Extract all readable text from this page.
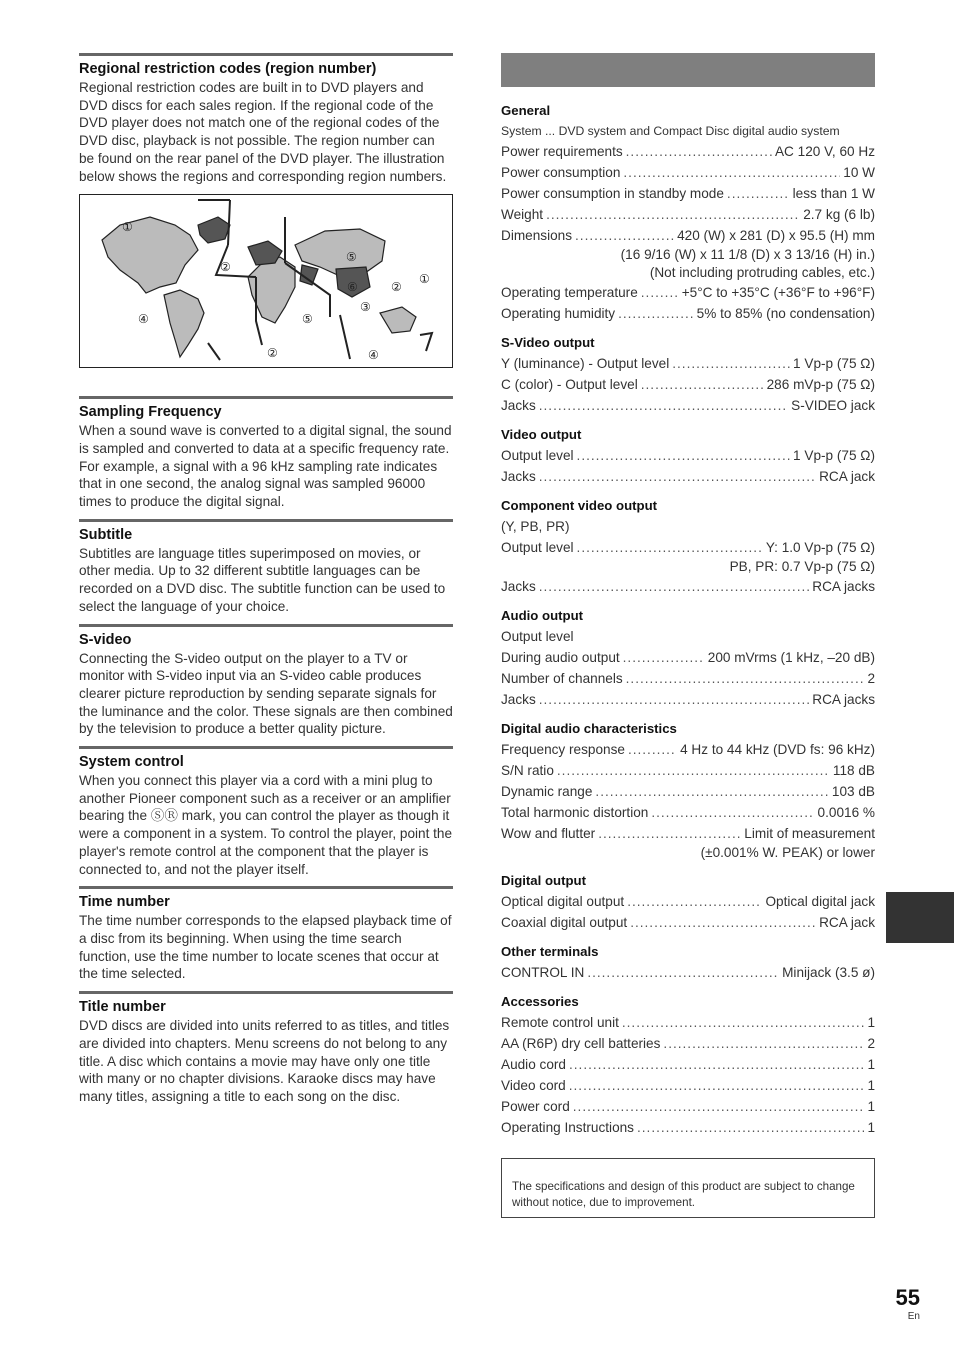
Regional restriction codes (region number)

Regional restriction codes are built in to DVD players and DVD discs for each sales region. If the regional code of the DVD player does not match one of the regional codes of the DVD disc, playback is not possible. The region number can be found on the rear panel of the DVD player. The illustration below shows the regions and corresponding region numbers.

①
②
④
⑤
⑥	②
①
⑤
②	④
③
Sampling Frequency

When a sound wave is converted to a digital signal, the sound is sampled and converted to data at a specific frequency rate. For example, a signal with a 96 kHz sampling rate indicates that in one second, the analog signal was sampled 96000 times to produce the digital signal.

Subtitle

Subtitles are language titles superimposed on movies, or other media. Up to 32 different subtitle languages can be recorded on a DVD disc. The subtitle function can be used to select the language of your choice.

S-video

Connecting the S-video output on the player to a TV or monitor with S-video input via an S-video cable produces clearer picture reproduction by sending separate signals for the luminance and the color. These signals are then combined by the television to produce a better quality picture.

System control

When you connect this player via a cord with a mini plug to another Pioneer component such as a receiver or an amplifier bearing the ⓈⓇ mark, you can control the player as though it were a component in a system. To control the player, point the player's remote control at the component that the player is connected to, and not the player itself.

Time number

The time number corresponds to the elapsed playback time of a disc from its beginning. When using the time search function, use the time number to locate scenes that occur at the time selected.

Title number

DVD discs are divided into units referred to as titles, and titles are divided into chapters. Menu screens do not belong to any title. A disc which contains a movie may have only one title with many or no chapter divisions. Karaoke discs may have many titles, assigning a title to each song on the disc.

General
System ... DVD system and Compact Disc digital audio system
Power requirements .....	AC 120 V, 60 Hz
Power consumption .....	10 W
Power consumption in standby mode .....	less than 1 W
Weight .....	2.7 kg (6 lb)
Dimensions .....	420 (W) x 281 (D) x 95.5 (H) mm
(16 9/16 (W) x 11 1/8 (D) x 3 13/16 (H) in.)
(Not including protruding cables, etc.)
Operating temperature .....	+5°C to +35°C (+36°F to +96°F)
Operating humidity .....	5% to 85% (no condensation)
S-Video output
Y (luminance) - Output level .....	1 Vp-p (75 Ω)
C (color) - Output level .....	286 mVp-p (75 Ω)
Jacks .....	S-VIDEO jack
Video output
Output level .....	1 Vp-p (75 Ω)
Jacks .....	RCA jack
Component video output
(Y, PB, PR)
Output level .....	Y: 1.0 Vp-p (75 Ω)
PB, PR: 0.7 Vp-p (75 Ω)
Jacks .....	RCA jacks
Audio output
Output level
During audio output .....	200 mVrms (1 kHz, –20 dB)
Number of channels .....	2
Jacks .....	RCA jacks
Digital audio characteristics
Frequency response .....	4 Hz to 44 kHz (DVD fs: 96 kHz)
S/N ratio .....	118 dB
Dynamic range .....	103 dB
Total harmonic distortion .....	0.0016 %
Wow and flutter .....	Limit of measurement
(±0.001% W. PEAK) or lower
Digital output
Optical digital output .....	Optical digital jack
Coaxial digital output .....	RCA jack
Other terminals
CONTROL IN .....	Minijack (3.5 ø)
Accessories
Remote control unit .....	1
AA (R6P) dry cell batteries .....	2
Audio cord .....	1
Video cord .....	1
Power cord .....	1
Operating Instructions .....	1
The specifications and design of this product are subject to change without notice, due to improvement.
55
En
